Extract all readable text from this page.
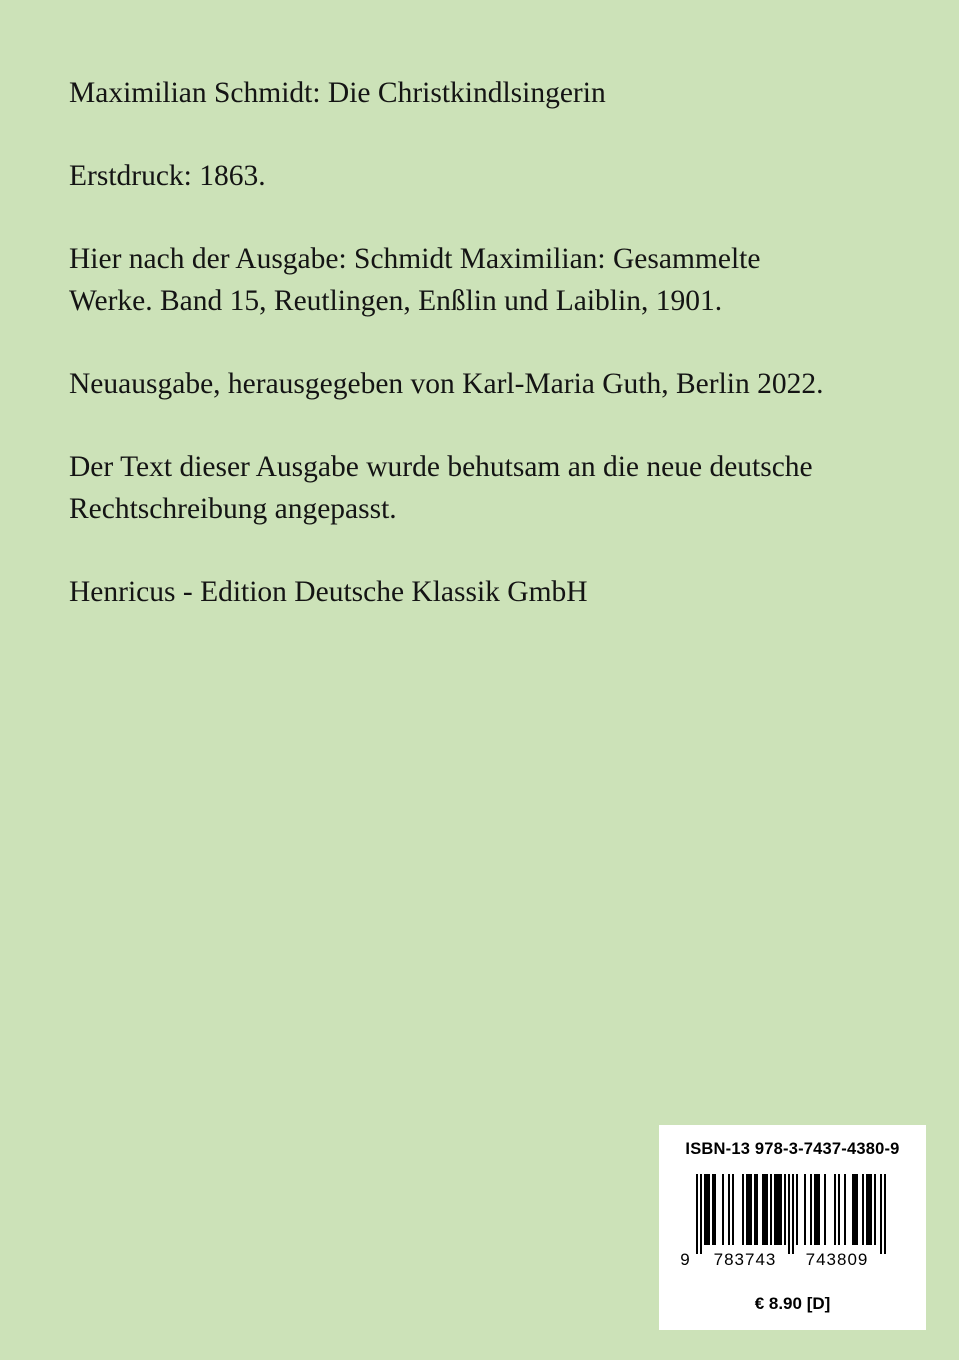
Maximilian Schmidt: Die Christkindlsingerin

Erstdruck: 1863.

Hier nach der Ausgabe: Schmidt Maximilian: Gesammelte
Werke. Band 15, Reutlingen, Enßlin und Laiblin, 1901.

Neuausgabe, herausgegeben von Karl-Maria Guth, Berlin 2022.

Der Text dieser Ausgabe wurde behutsam an die neue deutsche
Rechtschreibung angepasst.

Henricus - Edition Deutsche Klassik GmbH

ISBN-13 978-3-7437-4380-9
9 783743 743809
€ 8.90 [D]
